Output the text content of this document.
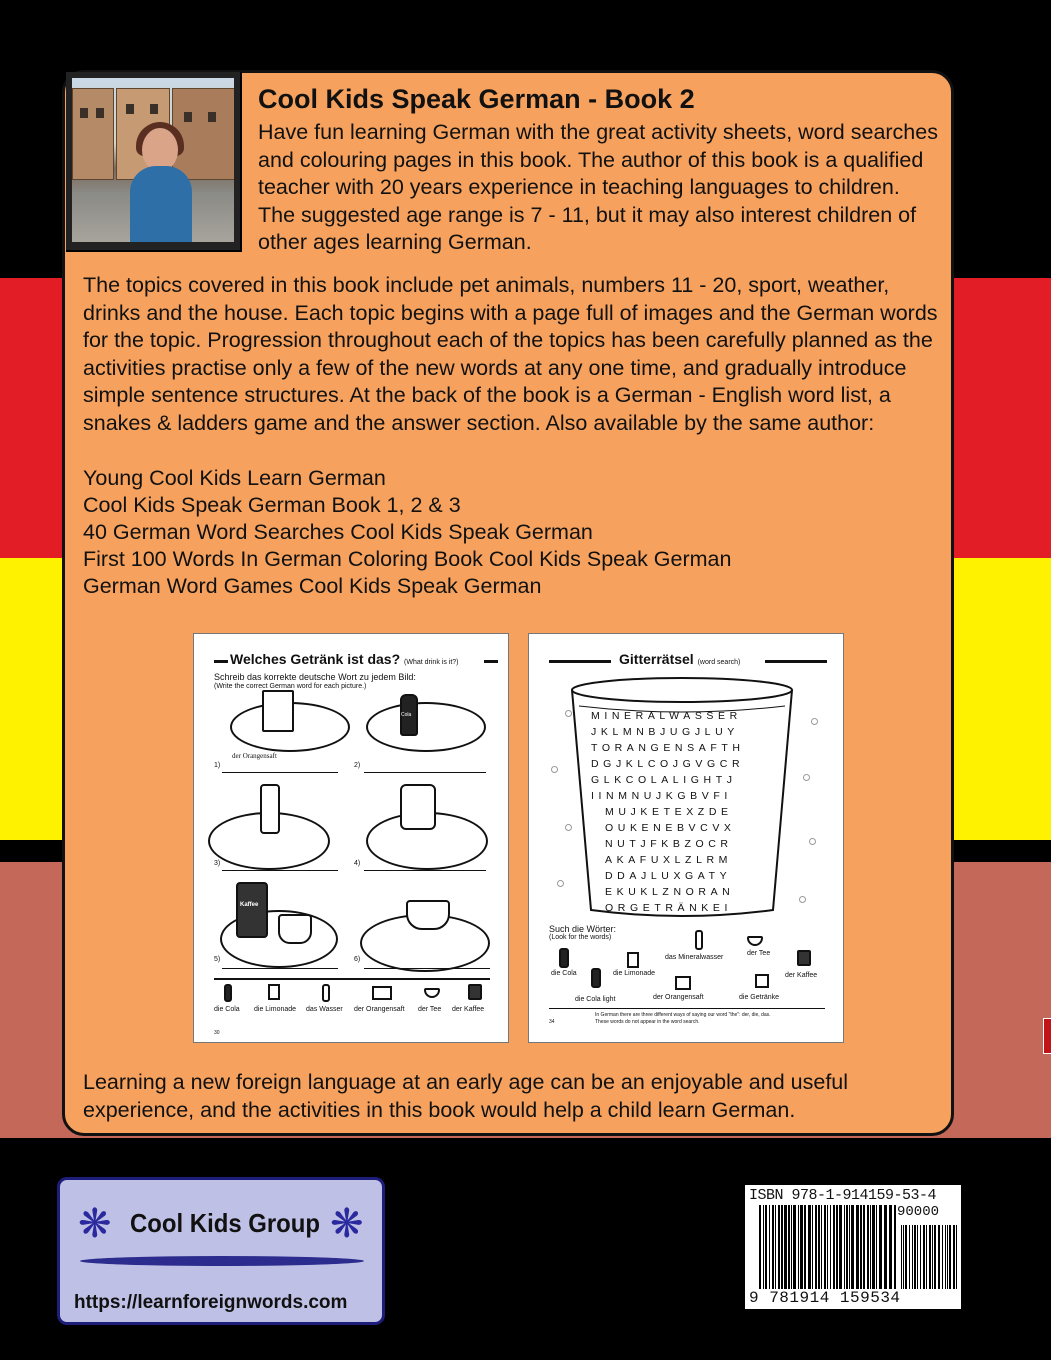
Cool Kids Speak German - Book 2
Have fun learning German with the great activity sheets, word searches and colouring pages in this book. The author of this book is a qualified teacher with 20 years experience in teaching languages to children. The suggested age range is 7 - 11, but it may also interest children of other ages learning German.
The topics covered in this book include pet animals, numbers 11 - 20, sport, weather, drinks and the house. Each topic begins with a page full of images and the German words for the topic. Progression throughout each of the topics has been carefully planned as the activities practise only a few of the new words at any one time, and gradually introduce simple sentence structures. At the back of the book is a German - English word list, a snakes & ladders game and the answer section. Also available by the same author:
Young Cool Kids Learn German
Cool Kids Speak German Book 1, 2 & 3
40 German Word Searches Cool Kids Speak German
First 100 Words In German Coloring Book Cool Kids Speak German
German Word Games Cool Kids Speak German
Welches Getränk ist das? (What drink is it?)
Schreib das korrekte deutsche Wort zu jedem Bild:
(Write the correct German word for each picture.)
Cola
der Orangensaft
1)	2)
3)	4)
Kaffee
5)	6)
die Cola die Limonade das Wasser der Orangensaft der Tee der Kaffee
30
Gitterrätsel (word search)
MINERALWASSER
JKLMNBJUGJLUY
TORANGENSAFTH
DGJKLCOJGVGCR
GLKCOLALIGHTJ
IINMNUJKGBVFI
MUJKETEXZDE
OUKENEBVCVX
NUTJFKBZOCR
AKAFUXLZLRM
DDAJLUXGATY
EKUKLZNORAN
ORGETRÄNKEI
Such die Wörter:
(Look for the words)
die Cola	die Limonade
das Mineralwasser
der Tee
der Kaffee
die Cola light	der Orangensaft	die Getränke
In German there are three different ways of saying our word "the": der, die, das.
These words do not appear in the word search.
34
Learning a new foreign language at an early age can be an enjoyable and useful experience, and the activities in this book would help a child learn German.
❋ Cool Kids Group ❋
https://learnforeignwords.com
ISBN 978-1-914159-53-4
90000
9 781914 159534
